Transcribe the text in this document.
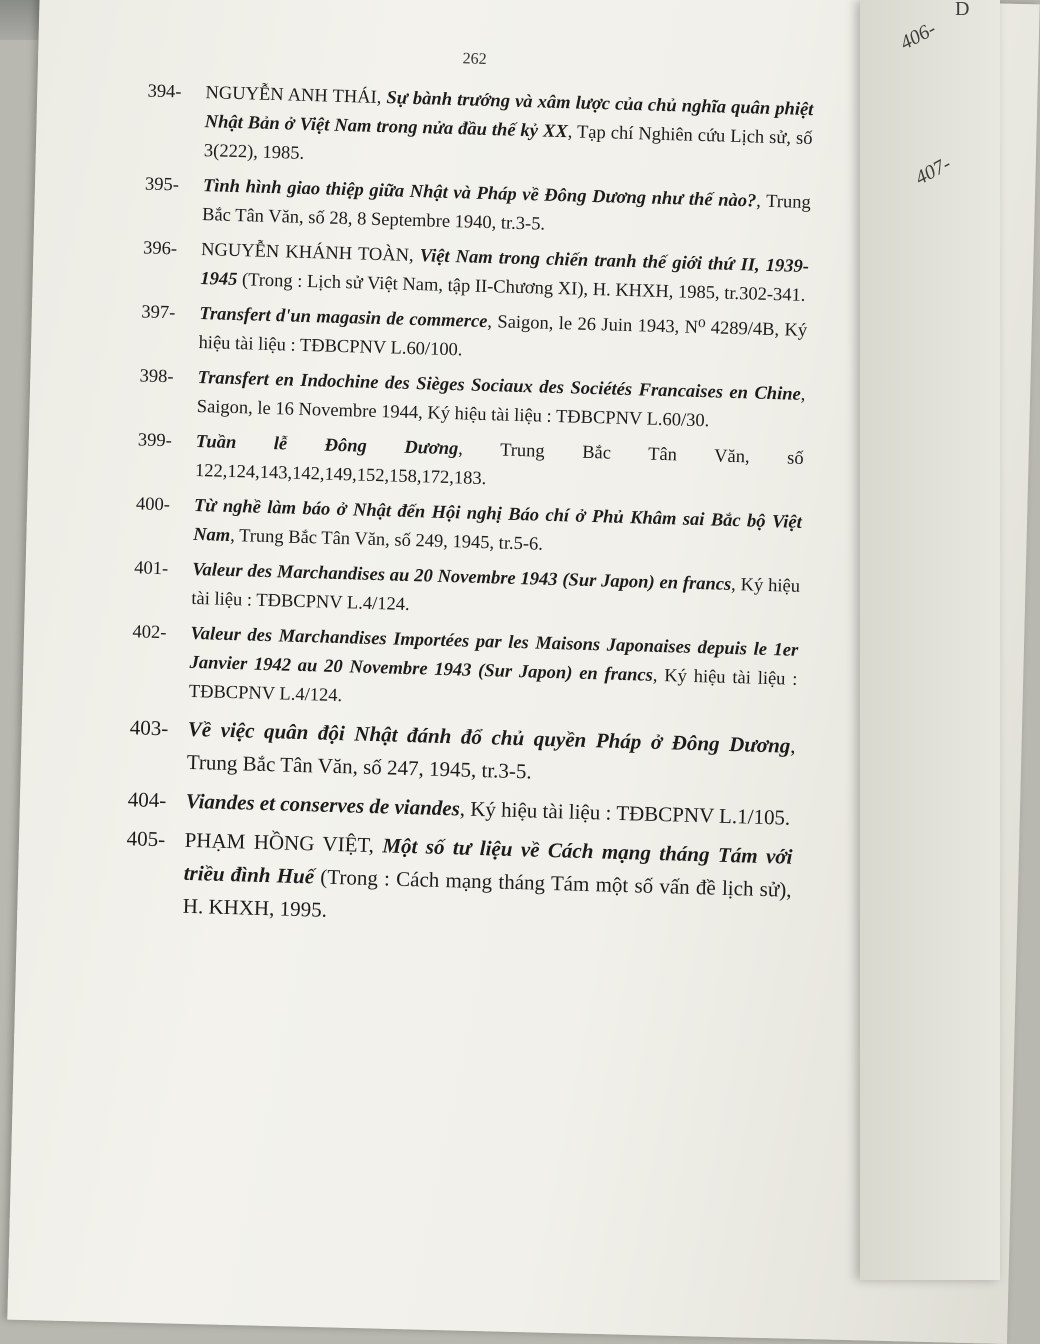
406-
D
407-
262
394- NGUYỄN ANH THÁI, Sự bành trướng và xâm lược của chủ nghĩa quân phiệt Nhật Bản ở Việt Nam trong nửa đầu thế kỷ XX, Tạp chí Nghiên cứu Lịch sử, số 3(222), 1985.
395- Tình hình giao thiệp giữa Nhật và Pháp về Đông Dương như thế nào?, Trung Bắc Tân Văn, số 28, 8 Septembre 1940, tr.3-5.
396- NGUYỄN KHÁNH TOÀN, Việt Nam trong chiến tranh thế giới thứ II, 1939-1945 (Trong : Lịch sử Việt Nam, tập II-Chương XI), H. KHXH, 1985, tr.302-341.
397- Transfert d'un magasin de commerce, Saigon, le 26 Juin 1943, N⁰ 4289/4B, Ký hiệu tài liệu : TĐBCPNV L.60/100.
398- Transfert en Indochine des Sièges Sociaux des Sociétés Francaises en Chine, Saigon, le 16 Novembre 1944, Ký hiệu tài liệu : TĐBCPNV L.60/30.
399- Tuần lễ Đông Dương, Trung Bắc Tân Văn, số 122,124,143,142,149,152,158,172,183.
400- Từ nghề làm báo ở Nhật đến Hội nghị Báo chí ở Phủ Khâm sai Bắc bộ Việt Nam, Trung Bắc Tân Văn, số 249, 1945, tr.5-6.
401- Valeur des Marchandises au 20 Novembre 1943 (Sur Japon) en francs, Ký hiệu tài liệu : TĐBCPNV L.4/124.
402- Valeur des Marchandises Importées par les Maisons Japonaises depuis le 1er Janvier 1942 au 20 Novembre 1943 (Sur Japon) en francs, Ký hiệu tài liệu : TĐBCPNV L.4/124.
403- Về việc quân đội Nhật đánh đổ chủ quyền Pháp ở Đông Dương, Trung Bắc Tân Văn, số 247, 1945, tr.3-5.
404- Viandes et conserves de viandes, Ký hiệu tài liệu : TĐBCPNV L.1/105.
405- PHẠM HỒNG VIỆT, Một số tư liệu về Cách mạng tháng Tám với triều đình Huế (Trong : Cách mạng tháng Tám một số vấn đề lịch sử), H. KHXH, 1995.
